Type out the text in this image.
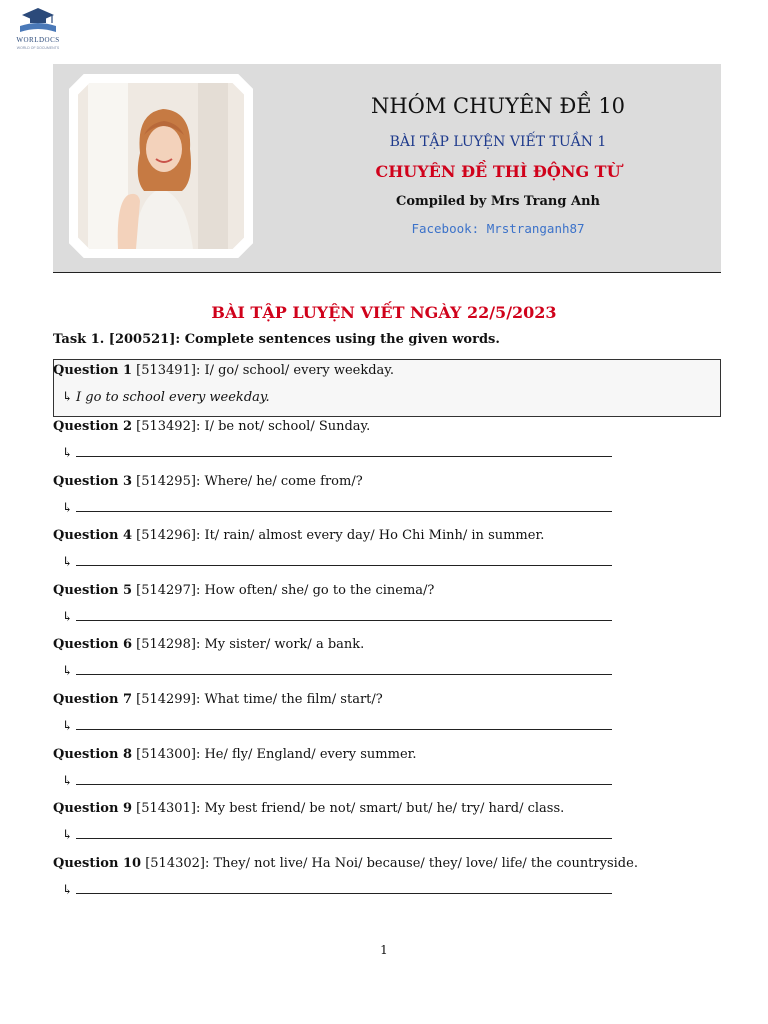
WORLDOCS
WORLD OF DOCUMENTS
NHÓM CHUYÊN ĐỀ 10
BÀI TẬP LUYỆN VIẾT TUẦN 1
CHUYÊN ĐỀ THÌ ĐỘNG TỪ
Compiled by Mrs Trang Anh
Facebook: Mrstranganh87
BÀI TẬP LUYỆN VIẾT NGÀY 22/5/2023
Task 1. [200521]: Complete sentences using the given words.
Question 1 [513491]: I/ go/ school/ every weekday.
↳ I go to school every weekday.
Question 2 [513492]: I/ be not/ school/ Sunday.
↳
Question 3 [514295]: Where/ he/ come from/?
↳
Question 4 [514296]: It/ rain/ almost every day/ Ho Chi Minh/ in summer.
↳
Question 5 [514297]: How often/ she/ go to the cinema/?
↳
Question 6 [514298]: My sister/ work/ a bank.
↳
Question 7 [514299]: What time/ the film/ start/?
↳
Question 8 [514300]: He/ fly/ England/ every summer.
↳
Question 9 [514301]: My best friend/ be not/ smart/ but/ he/ try/ hard/ class.
↳
Question 10 [514302]: They/ not live/ Ha Noi/ because/ they/ love/ life/ the countryside.
↳
1
